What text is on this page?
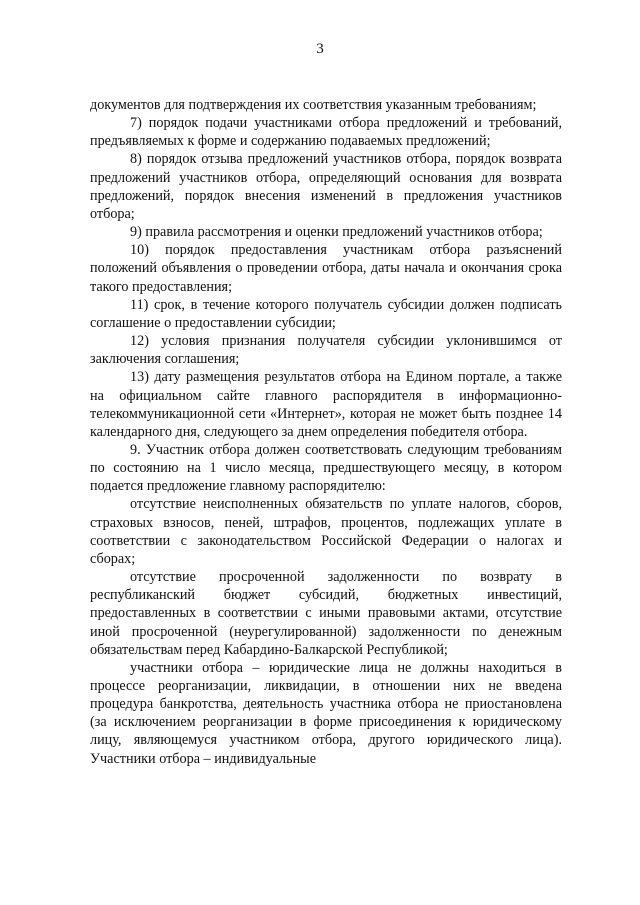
3

документов для подтверждения их соответствия указанным требованиям;

7) порядок подачи участниками отбора предложений и требований, предъявляемых к форме и содержанию подаваемых предложений;

8) порядок отзыва предложений участников отбора, порядок возврата предложений участников отбора, определяющий основания для возврата предложений, порядок внесения изменений в предложения участников отбора;

9) правила рассмотрения и оценки предложений участников отбора;

10) порядок предоставления участникам отбора разъяснений положений объявления о проведении отбора, даты начала и окончания срока такого предоставления;

11) срок, в течение которого получатель субсидии должен подписать соглашение о предоставлении субсидии;

12) условия признания получателя субсидии уклонившимся от заключения соглашения;

13) дату размещения результатов отбора на Едином портале, а также на официальном сайте главного распорядителя в информационно-телекоммуникационной сети «Интернет», которая не может быть позднее 14 календарного дня, следующего за днем определения победителя отбора.

9. Участник отбора должен соответствовать следующим требованиям по состоянию на 1 число месяца, предшествующего месяцу, в котором подается предложение главному распорядителю:

отсутствие неисполненных обязательств по уплате налогов, сборов, страховых взносов, пеней, штрафов, процентов, подлежащих уплате в соответствии с законодательством Российской Федерации о налогах и сборах;

отсутствие просроченной задолженности по возврату в республиканский бюджет субсидий, бюджетных инвестиций, предоставленных в соответствии с иными правовыми актами, отсутствие иной просроченной (неурегулированной) задолженности по денежным обязательствам перед Кабардино-Балкарской Республикой;

участники отбора – юридические лица не должны находиться в процессе реорганизации, ликвидации, в отношении них не введена процедура банкротства, деятельность участника отбора не приостановлена (за исключением реорганизации в форме присоединения к юридическому лицу, являющемуся участником отбора, другого юридического лица). Участники отбора – индивидуальные
